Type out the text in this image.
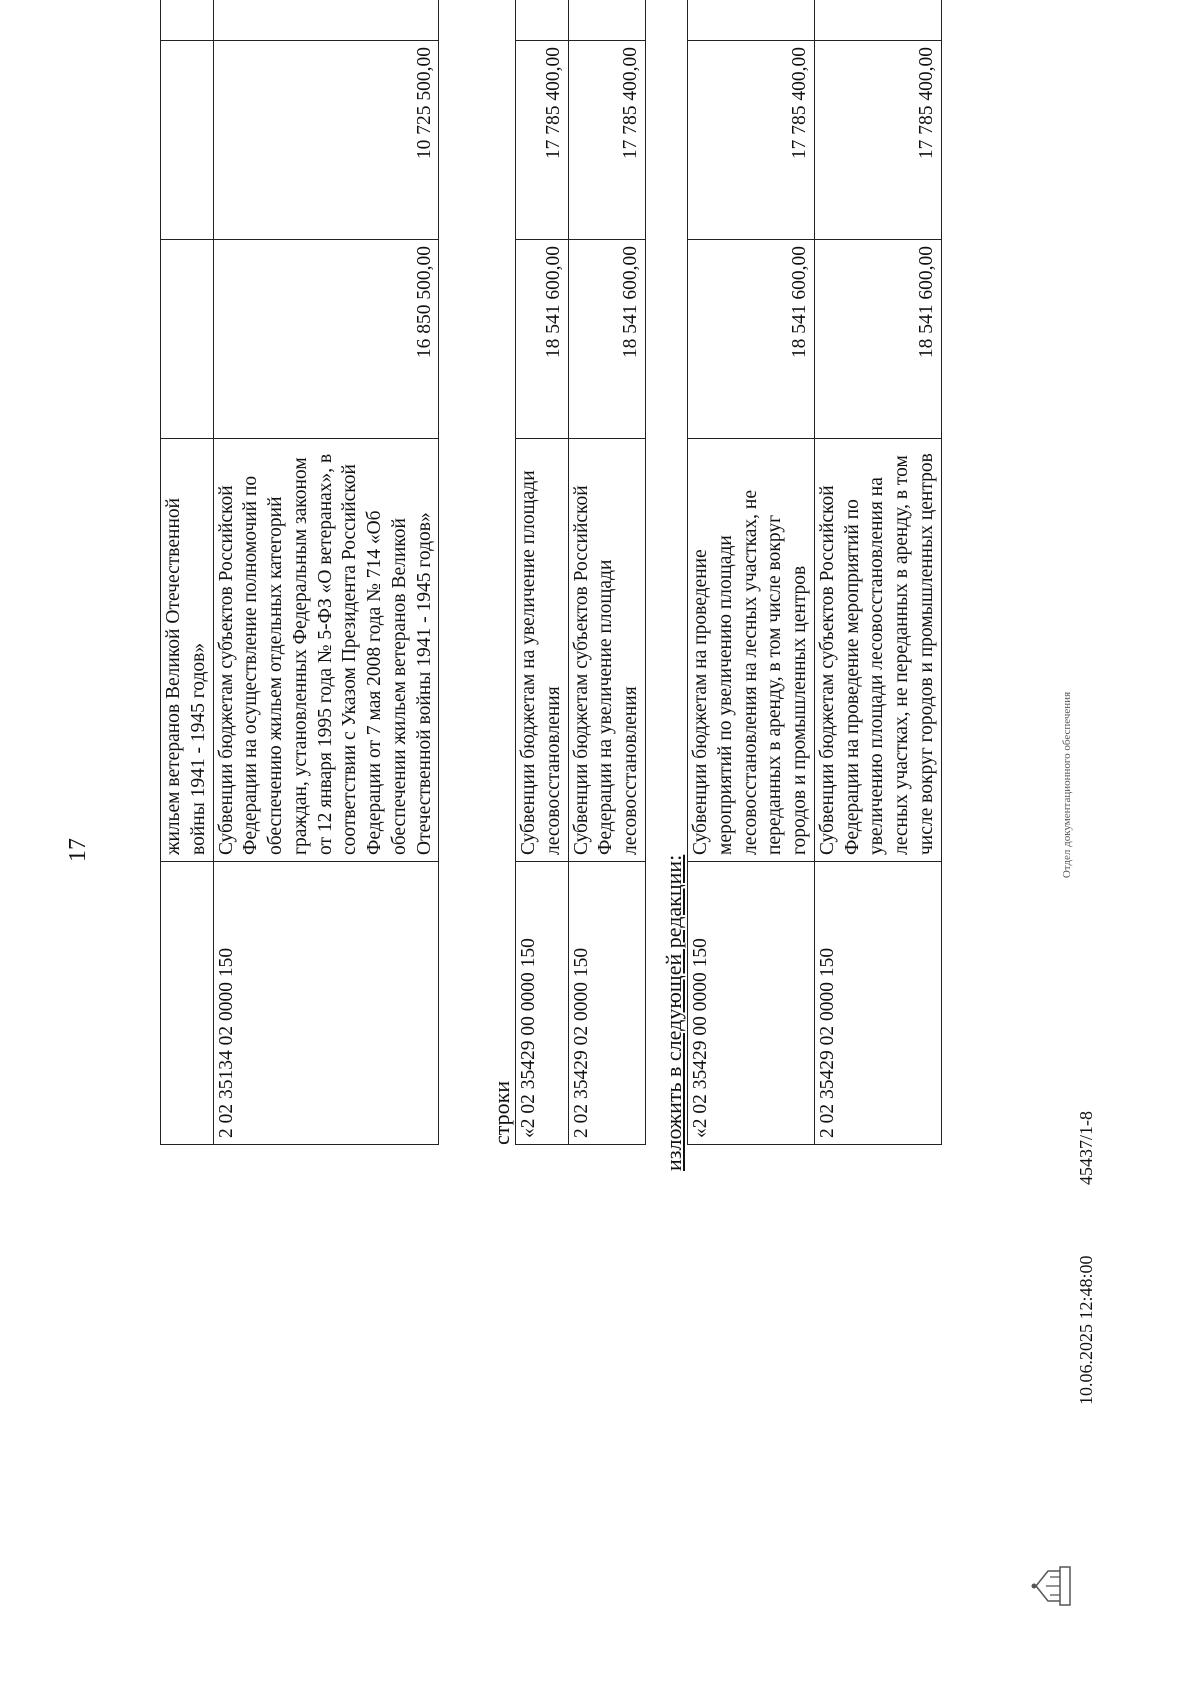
17
		жильем ветеранов Великой Отечественной войны 1941 - 1945 годов»			
2 02 35134 02 0000 150	Субвенции бюджетам субъектов Российской Федерации на осуществление полномочий по обеспечению жильем отдельных категорий граждан, установленных Федеральным законом от 12 января 1995 года № 5-ФЗ «О ветеранах», в соответствии с Указом Президента Российской Федерации от 7 мая 2008 года № 714 «Об обеспечении жильем ветеранов Великой Отечественной войны 1941 - 1945 годов»	16 850 500,00	10 725 500,00	
строки «2 02 35429 00 0000 150	Субвенции бюджетам на увеличение площади лесовосстановления	18 541 600,00	17 785 400,00	
2 02 35429 02 0000 150	Субвенции бюджетам субъектов Российской Федерации на увеличение площади лесовосстановления	18 541 600,00	17 785 400,00	
изложить в следующей редакции: «2 02 35429 00 0000 150	Субвенции бюджетам на проведение мероприятий по увеличению площади лесовосстановления на лесных участках, не переданных в аренду, в том числе вокруг городов и промышленных центров	18 541 600,00	17 785 400,00	
2 02 35429 02 0000 150	Субвенции бюджетам субъектов Российской Федерации на проведение мероприятий по увеличению площади лесовосстановления на лесных участках, не переданных в аренду, в том числе вокруг городов и промышленных центров	18 541 600,00	17 785 400,00	
10.06.2025 12:48:00
45437/1-8
Отдел документационного обеспечения
